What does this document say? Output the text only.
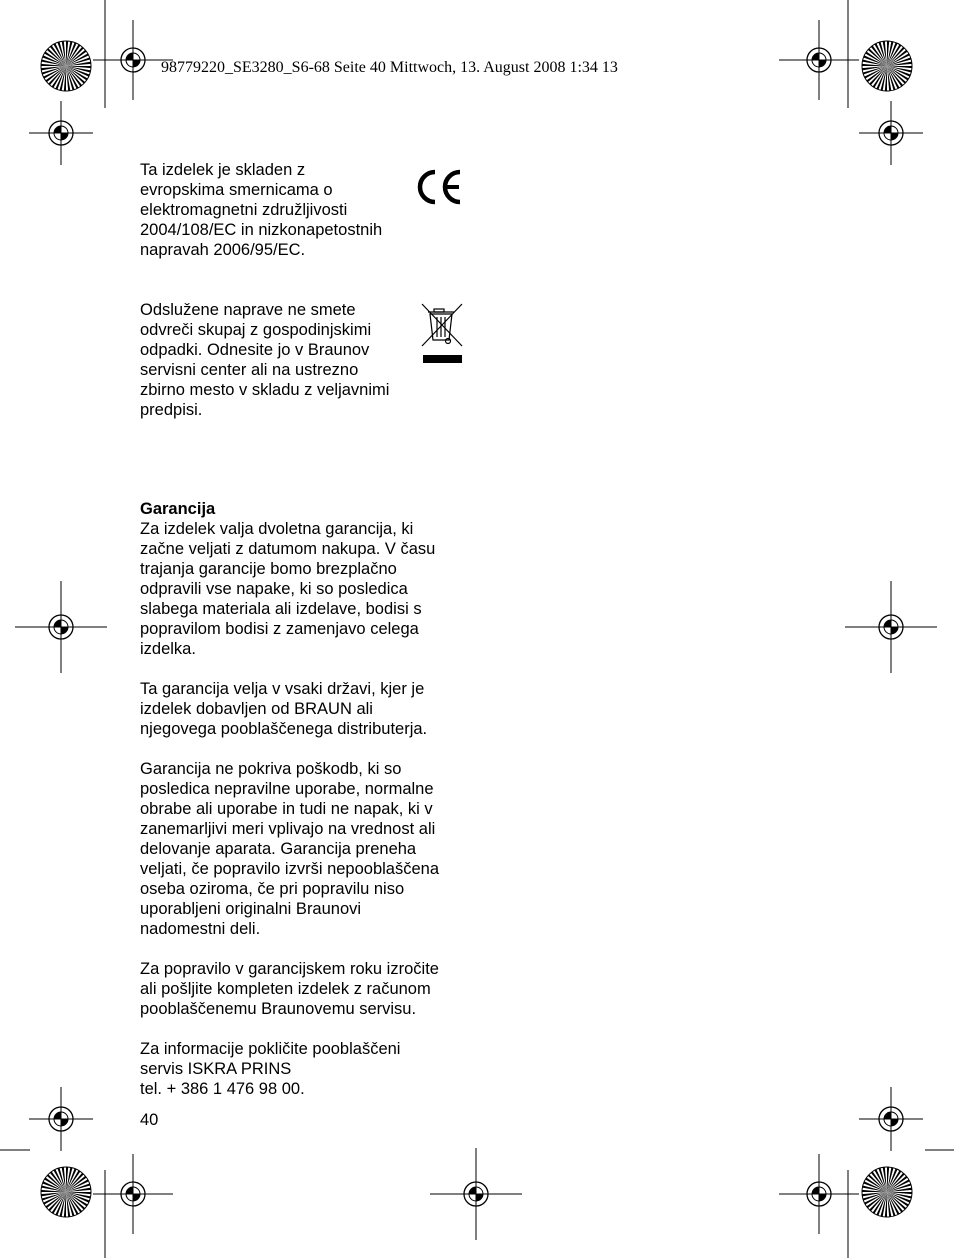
98779220_SE3280_S6-68 Seite 40 Mittwoch, 13. August 2008 1:34 13

Ta izdelek je skladen z

evropskima smernicama o

elektromagnetni združljivosti

2004/108/EC in nizkonapetostnih

napravah 2006/95/EC.

Odslužene naprave ne smete

odvreči skupaj z gospodinjskimi

odpadki. Odnesite jo v Braunov

servisni center ali na ustrezno

zbirno mesto v skladu z veljavnimi

predpisi.

Garancija

Za izdelek valja dvoletna garancija, ki

začne veljati z datumom nakupa. V času

trajanja garancije bomo brezplačno

odpravili vse napake, ki so posledica

slabega materiala ali izdelave, bodisi s

popravilom bodisi z zamenjavo celega

izdelka.

Ta garancija velja v vsaki državi, kjer je

izdelek dobavljen od BRAUN ali

njegovega pooblaščenega distributerja.

Garancija ne pokriva poškodb, ki so

posledica nepravilne uporabe, normalne

obrabe ali uporabe in tudi ne napak, ki v

zanemarljivi meri vplivajo na vrednost ali

delovanje aparata. Garancija preneha

veljati, če popravilo izvrši nepooblaščena

oseba oziroma, če pri popravilu niso

uporabljeni originalni Braunovi

nadomestni deli.

Za popravilo v garancijskem roku izročite

ali pošljite kompleten izdelek z računom

pooblaščenemu Braunovemu servisu.

Za informacije pokličite pooblaščeni

servis ISKRA PRINS

tel. + 386 1 476 98 00.

40
